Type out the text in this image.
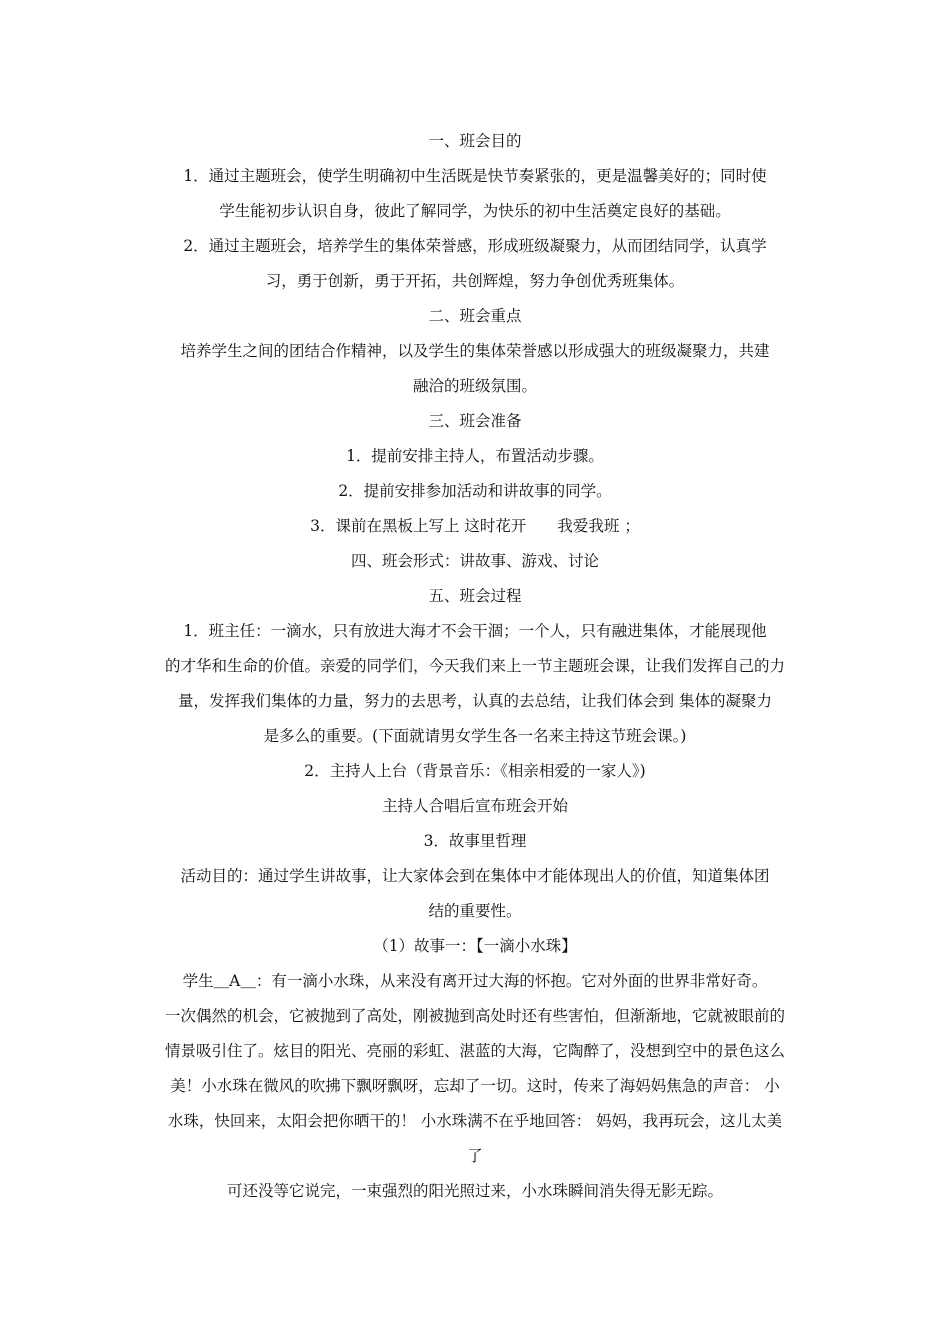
一、班会目的
1．通过主题班会，使学生明确初中生活既是快节奏紧张的，更是温馨美好的；同时使
学生能初步认识自身，彼此了解同学，为快乐的初中生活奠定良好的基础。
2．通过主题班会，培养学生的集体荣誉感，形成班级凝聚力，从而团结同学，认真学
习，勇于创新，勇于开拓，共创辉煌，努力争创优秀班集体。
二、班会重点
培养学生之间的团结合作精神，以及学生的集体荣誉感以形成强大的班级凝聚力，共建
融洽的班级氛围。
三、班会准备
1．提前安排主持人，布置活动步骤。
2．提前安排参加活动和讲故事的同学。
3．课前在黑板上写上 这时花开　　我爱我班 ；
四、班会形式：讲故事、游戏、讨论
五、班会过程
1．班主任：一滴水，只有放进大海才不会干涸；一个人，只有融进集体，才能展现他
的才华和生命的价值。亲爱的同学们，今天我们来上一节主题班会课，让我们发挥自己的力
量，发挥我们集体的力量，努力的去思考，认真的去总结，让我们体会到 集体的凝聚力
是多么的重要。(下面就请男女学生各一名来主持这节班会课。)
2．主持人上台（背景音乐：《相亲相爱的一家人》)
主持人合唱后宣布班会开始
3．故事里哲理
活动目的：通过学生讲故事，让大家体会到在集体中才能体现出人的价值，知道集体团
结的重要性。
（1）故事一：【一滴小水珠】
学生＿A＿：有一滴小水珠，从来没有离开过大海的怀抱。它对外面的世界非常好奇。
一次偶然的机会，它被抛到了高处，刚被抛到高处时还有些害怕，但渐渐地，它就被眼前的
情景吸引住了。炫目的阳光、亮丽的彩虹、湛蓝的大海，它陶醉了，没想到空中的景色这么
美！小水珠在微风的吹拂下飘呀飘呀，忘却了一切。这时，传来了海妈妈焦急的声音： 小
水珠，快回来，太阳会把你晒干的！ 小水珠满不在乎地回答： 妈妈，我再玩会，这儿太美
了
可还没等它说完，一束强烈的阳光照过来，小水珠瞬间消失得无影无踪。
